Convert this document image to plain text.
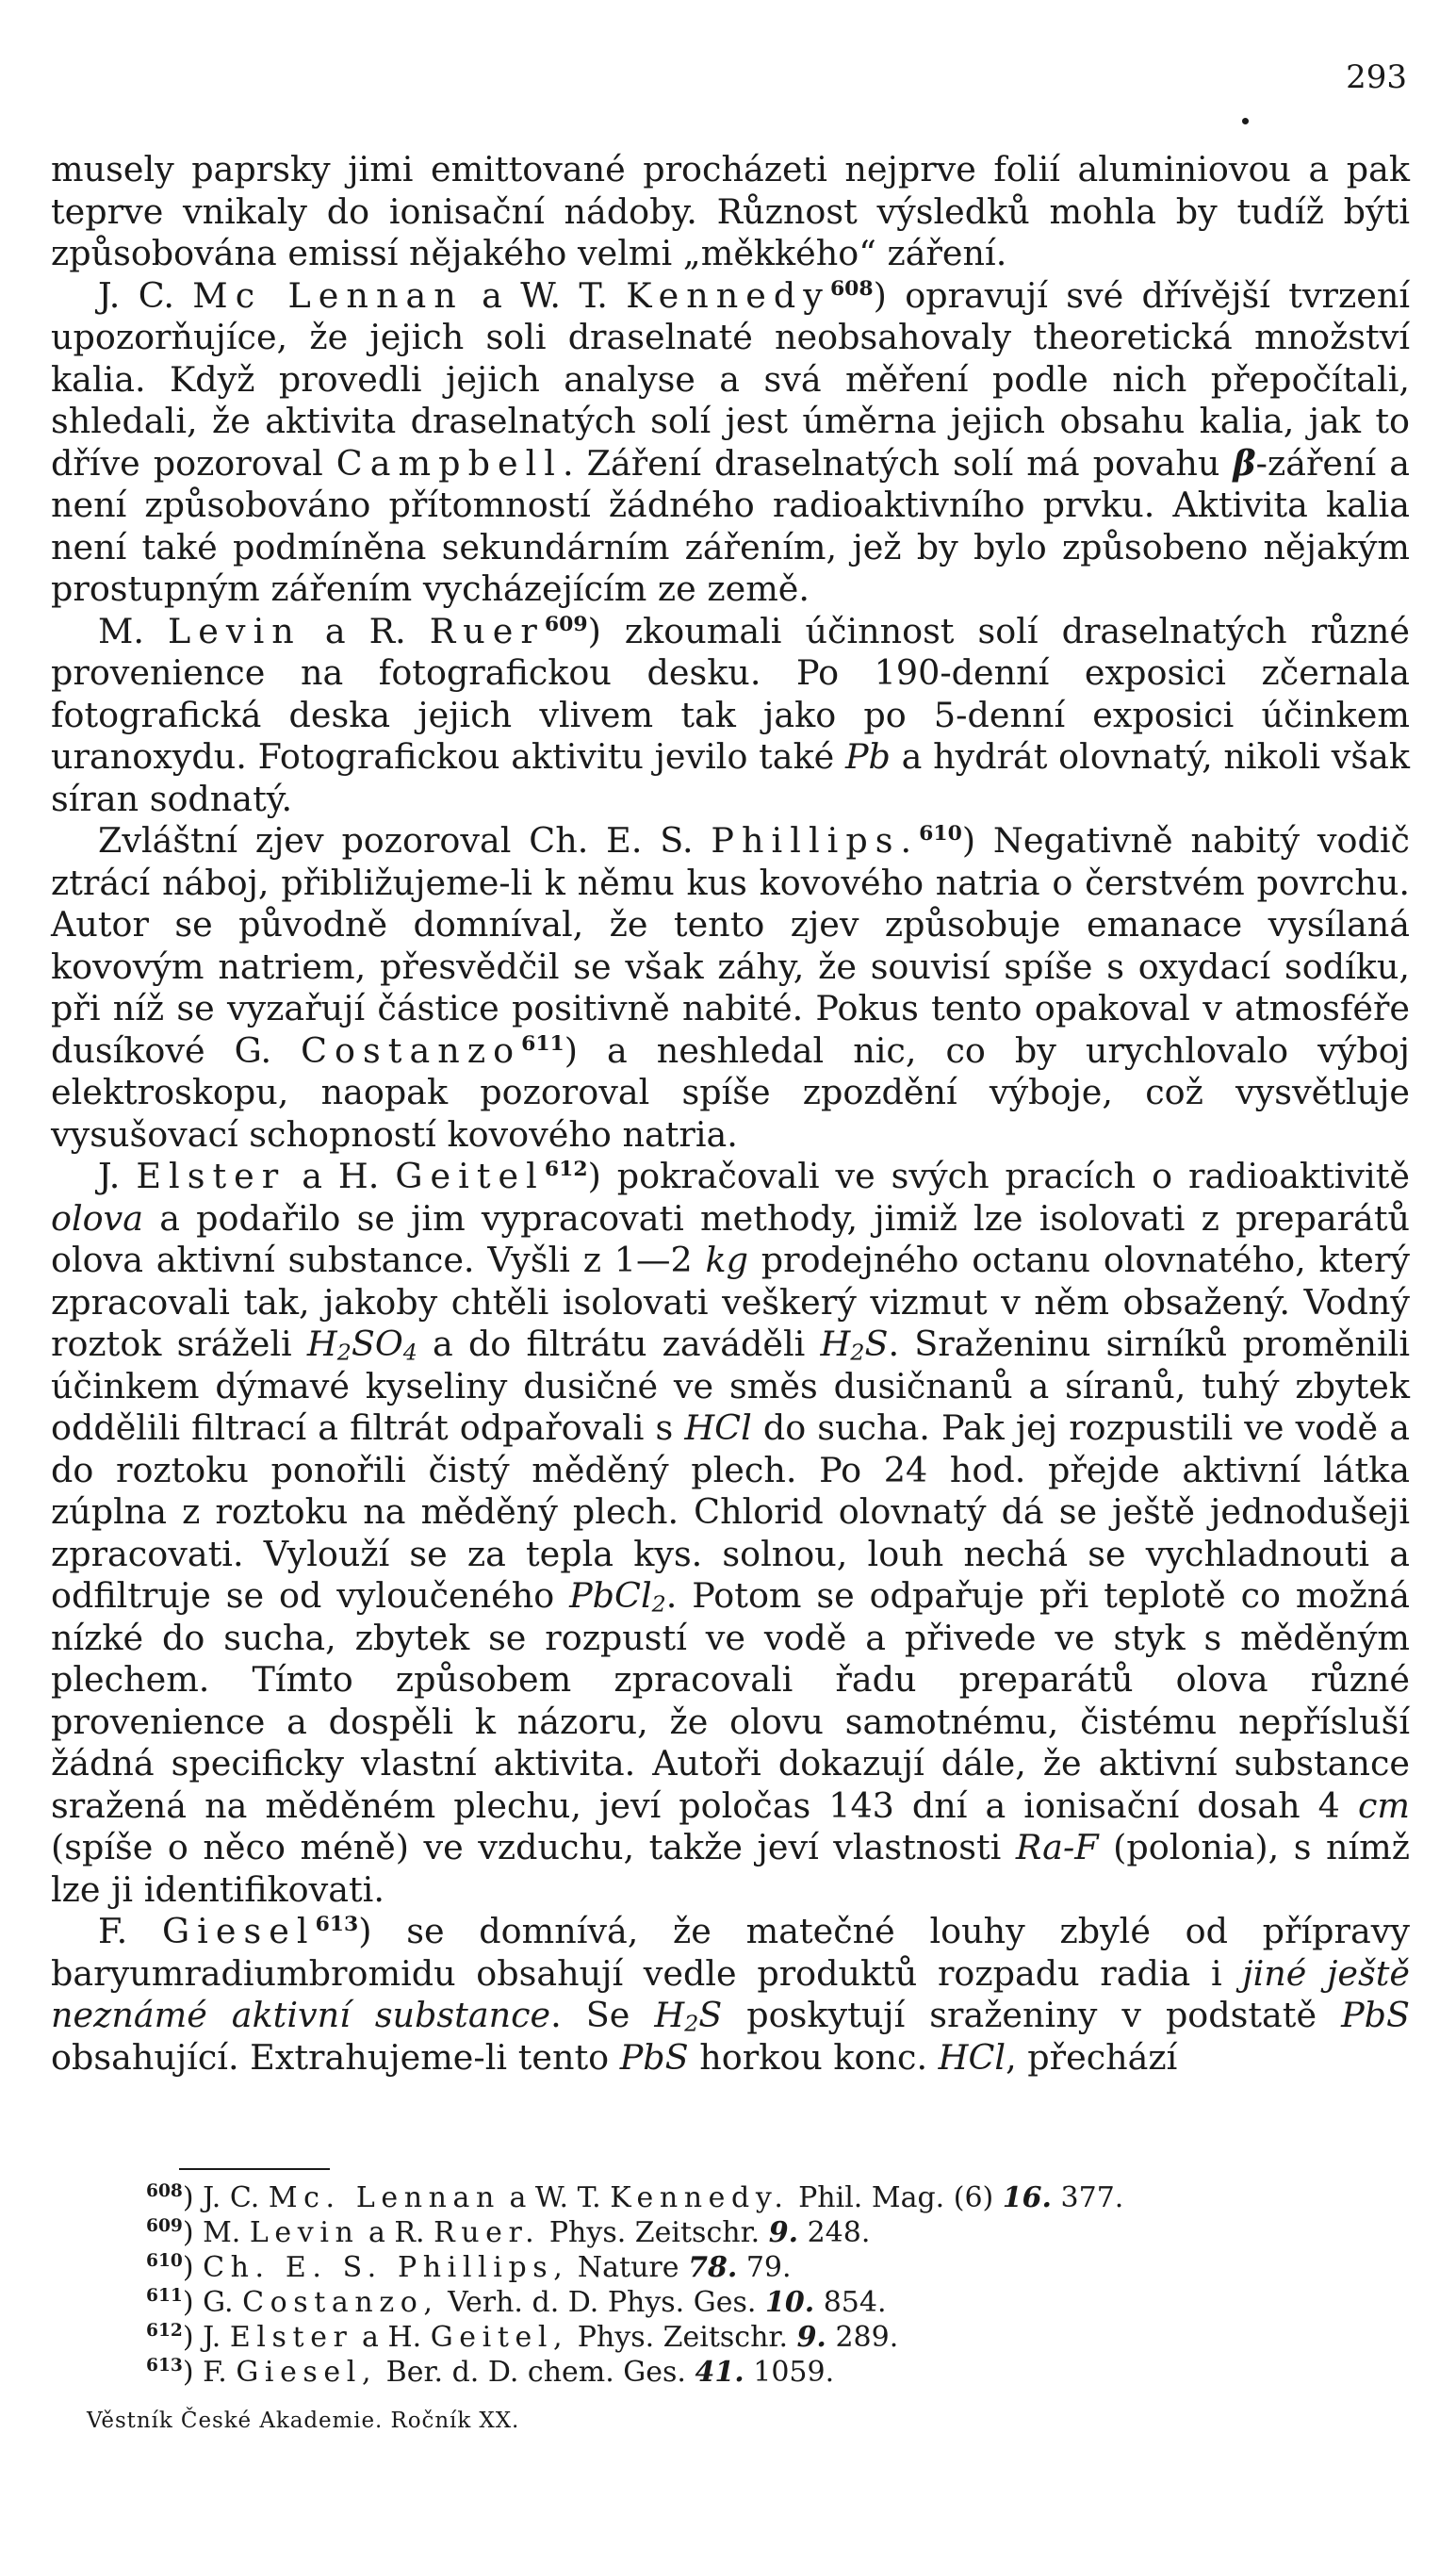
293

musely paprsky jimi emittované procházeti nejprve folií aluminiovou a pak teprve vnikaly do ionisační nádoby. Různost výsledků mohla by tudíž býti způsobována emissí nějakého velmi „měkkého“ záření.

J. C. Mc Lennan a W. T. Kennedy$^{608}$) opravují své dřívější tvrzení upozorňujíce, že jejich soli draselnaté neobsahovaly theoretická množství kalia. Když provedli jejich analyse a svá měření podle nich přepočítali, shledali, že aktivita draselnatých solí jest úměrna jejich obsahu kalia, jak to dříve pozoroval Campbell. Záření draselnatých solí má povahu β-záření a není způsobováno přítomností žádného radioaktivního prvku. Aktivita kalia není také podmíněna sekundárním zářením, jež by bylo způsobeno nějakým prostupným zářením vycházejícím ze země.

M. Levin a R. Ruer$^{609}$) zkoumali účinnost solí draselnatých různé provenience na fotografickou desku. Po 190-denní exposici zčernala fotografická deska jejich vlivem tak jako po 5-denní exposici účinkem uranoxydu. Fotografickou aktivitu jevilo také Pb a hydrát olovnatý, nikoli však síran sodnatý.

Zvláštní zjev pozoroval Ch. E. S. Phillips.$^{610}$) Negativně nabitý vodič ztrácí náboj, přibližujeme-li k němu kus kovového natria o čerstvém povrchu. Autor se původně domníval, že tento zjev způsobuje emanace vysílaná kovovým natriem, přesvědčil se však záhy, že souvisí spíše s oxydací sodíku, při níž se vyzařují částice positivně nabité. Pokus tento opakoval v atmosféře dusíkové G. Costanzo$^{611}$) a neshledal nic, co by urychlovalo výboj elektroskopu, naopak pozoroval spíše zpozdění výboje, což vysvětluje vysušovací schopností kovového natria.

J. Elster a H. Geitel$^{612}$) pokračovali ve svých pracích o radioaktivitě olova a podařilo se jim vypracovati methody, jimiž lze isolovati z preparátů olova aktivní substance. Vyšli z 1—2 kg prodejného octanu olovnatého, který zpracovali tak, jakoby chtěli isolovati veškerý vizmut v něm obsažený. Vodný roztok sráželi $H_2SO_4$ a do filtrátu zaváděli $H_2S$. Sraženinu sirníků proměnili účinkem dýmavé kyseliny dusičné ve směs dusičnanů a síranů, tuhý zbytek oddělili filtrací a filtrát odpařovali s HCl do sucha. Pak jej rozpustili ve vodě a do roztoku ponořili čistý měděný plech. Po 24 hod. přejde aktivní látka zúplna z roztoku na měděný plech. Chlorid olovnatý dá se ještě jednodušeji zpracovati. Vylouží se za tepla kys. solnou, louh nechá se vychladnouti a odfiltruje se od vyloučeného PbCl$_2$. Potom se odpařuje při teplotě co možná nízké do sucha, zbytek se rozpustí ve vodě a přivede ve styk s měděným plechem. Tímto způsobem zpracovali řadu preparátů olova různé provenience a dospěli k názoru, že olovu samotnému, čistému nepřísluší žádná specificky vlastní aktivita. Autoři dokazují dále, že aktivní substance sražená na měděném plechu, jeví poločas 143 dní a ionisační dosah 4 cm (spíše o něco méně) ve vzduchu, takže jeví vlastnosti Ra-F (polonia), s nímž lze ji identifikovati.

F. Giesel$^{613}$) se domnívá, že matečné louhy zbylé od přípravy baryumradiumbromidu obsahují vedle produktů rozpadu radia i jiné ještě neznámé aktivní substance. Se $H_2S$ poskytují sraženiny v podstatě PbS obsahující. Extrahujeme-li tento PbS horkou konc. HCl, přechází

$^{608}$) J. C. Mc. Lennan a W. T. Kennedy. Phil. Mag. (6) 16. 377.
$^{609}$) M. Levin a R. Ruer. Phys. Zeitschr. 9. 248.
$^{610}$) Ch. E. S. Phillips, Nature 78. 79.
$^{611}$) G. Costanzo, Verh. d. D. Phys. Ges. 10. 854.
$^{612}$) J. Elster a H. Geitel, Phys. Zeitschr. 9. 289.
$^{613}$) F. Giesel, Ber. d. D. chem. Ges. 41. 1059.
Věstník České Akademie. Ročník XX.
